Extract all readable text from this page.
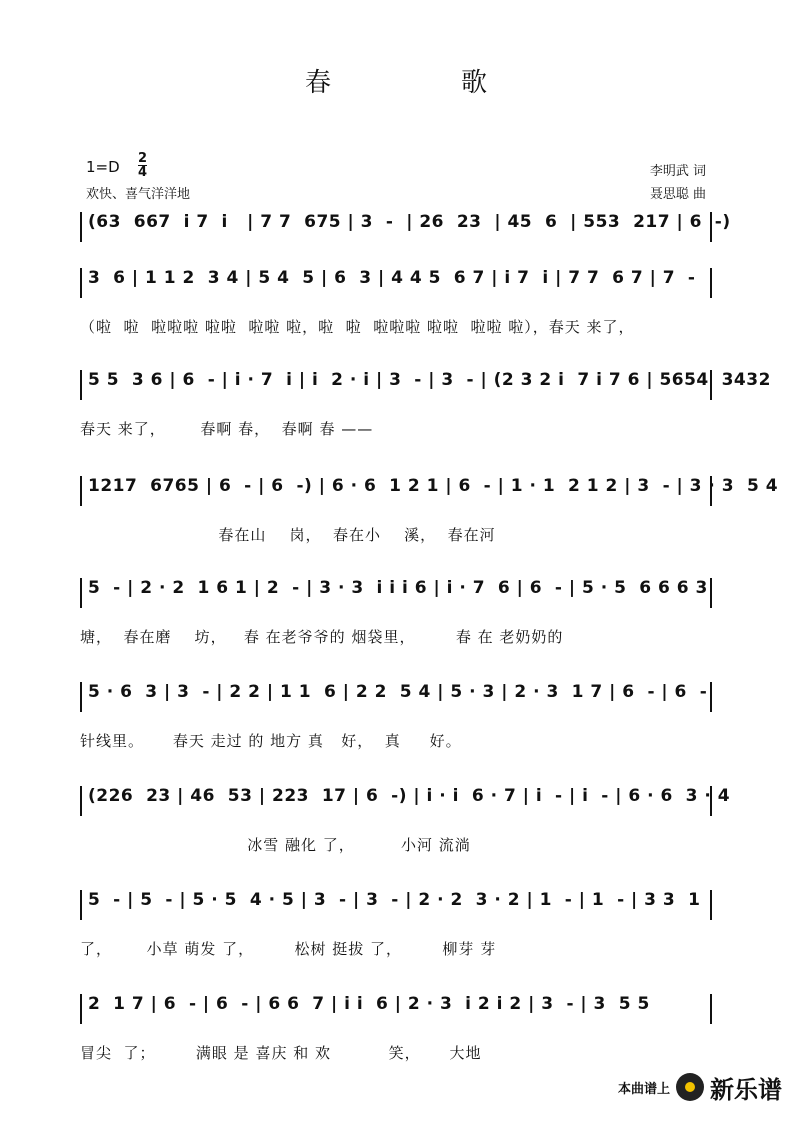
春	歌
1=D 2
4
欢快、喜气洋洋地
李明武 词
聂思聪 曲
(63  667  i 7  i   | 7 7  675 | 3  -  | 26  23  | 45  6  | 553  217 | 6  -)
3  6 | 1 1 2  3 4 | 5 4  5 | 6  3 | 4 4 5  6 7 | i 7  i | 7 7  6 7 | 7  -
（啦  啦  啦啦啦 啦啦  啦啦 啦，啦  啦  啦啦啦 啦啦  啦啦 啦），春天 来了，
5 5  3 6 | 6  - | i · 7  i | i  2 · i | 3  - | 3  - | (2 3 2 i  7 i 7 6 | 5654  3432
春天 来了，      春啊 春，  春啊 春 ——
1217  6765 | 6  - | 6  -) | 6 · 6  1 2 1 | 6  - | 1 · 1  2 1 2 | 3  - | 3 · 3  5 4
春在山    岗，  春在小    溪，  春在河
5  - | 2 · 2  1 6 1 | 2  - | 3 · 3  i i i 6 | i · 7  6 | 6  - | 5 · 5  6 6 6 3
塘，  春在磨    坊，   春 在老爷爷的 烟袋里，       春 在 老奶奶的
5 · 6  3 | 3  - | 2 2 | 1 1  6 | 2 2  5 4 | 5 · 3 | 2 · 3  1 7 | 6  - | 6  -
针线里。     春天 走过 的 地方 真   好，  真     好。
(226  23 | 46  53 | 223  17 | 6  -) | i · i  6 · 7 | i  - | i  - | 6 · 6  3 · 4
冰雪 融化 了，        小河 流淌
5  - | 5  - | 5 · 5  4 · 5 | 3  - | 3  - | 2 · 2  3 · 2 | 1  - | 1  - | 3 3  1
了，      小草 萌发 了，       松树 挺拔 了，       柳芽 芽
2  1 7 | 6  - | 6  - | 6 6  7 | i i  6 | 2 · 3  i 2 i 2 | 3  - | 3  5 5
冒尖  了；       满眼 是 喜庆 和 欢          笑，     大地
本曲谱上 新乐谱
